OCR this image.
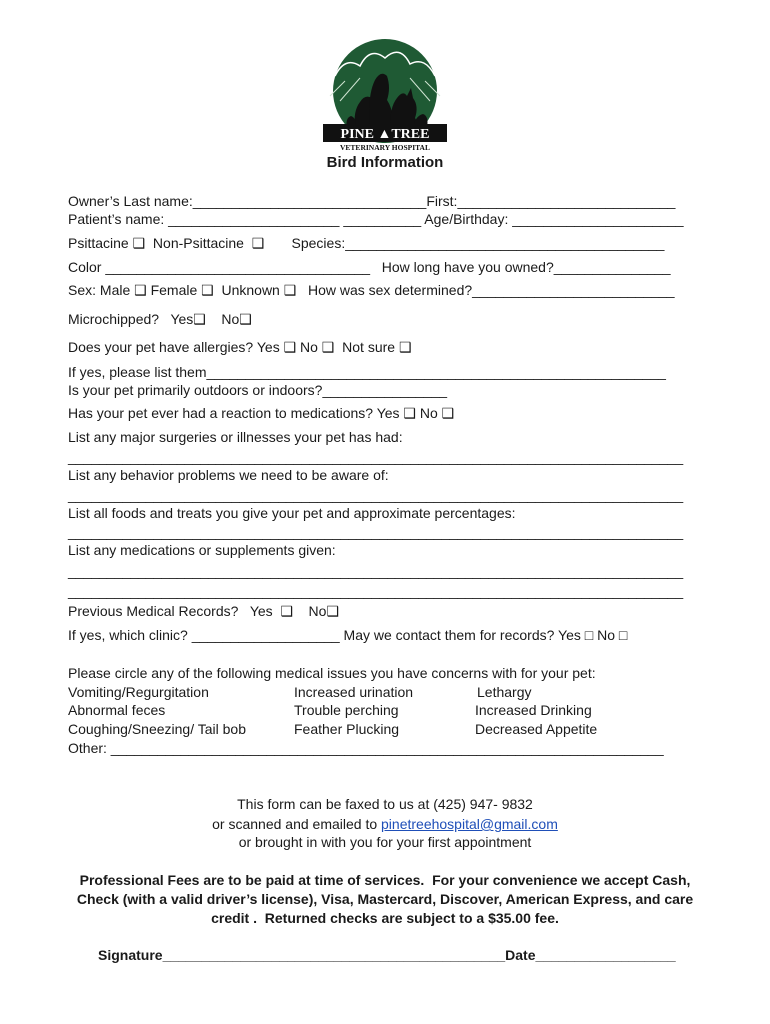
PINE ▲TREE
VETERINARY HOSPITAL
Bird Information
Owner’s Last name:______________________________First:____________________________
Patient’s name: ______________________ __________ Age/Birthday: ______________________
Psittacine ❑  Non-Psittacine  ❑       Species:_________________________________________
Color __________________________________   How long have you owned?_______________
Sex: Male ❑ Female ❑  Unknown ❑   How was sex determined?__________________________
Microchipped?   Yes❑    No❑
Does your pet have allergies? Yes ❑ No ❑  Not sure ❑
If yes, please list them___________________________________________________________
Is your pet primarily outdoors or indoors?________________
Has your pet ever had a reaction to medications? Yes ❑ No ❑
List any major surgeries or illnesses your pet has had:
_______________________________________________________________________________
List any behavior problems we need to be aware of:
_______________________________________________________________________________
List all foods and treats you give your pet and approximate percentages:
_______________________________________________________________________________
List any medications or supplements given:
_______________________________________________________________________________
_______________________________________________________________________________
Previous Medical Records?   Yes  ❑    No❑
If yes, which clinic? ___________________ May we contact them for records? Yes □ No □
Please circle any of the following medical issues you have concerns with for your pet:
Vomiting/Regurgitation
Abnormal feces
Coughing/Sneezing/ Tail bob
Increased urination
Trouble perching
Feather Plucking
Lethargy
Increased Drinking
Decreased Appetite
Other: _______________________________________________________________________
This form can be faxed to us at (425) 947- 9832
or scanned and emailed to pinetreehospital@gmail.com
or brought in with you for your first appointment
Professional Fees are to be paid at time of services.  For your convenience we accept Cash,
Check (with a valid driver’s license), Visa, Mastercard, Discover, American Express, and care
credit .  Returned checks are subject to a $35.00 fee.
Signature____________________________________________Date__________________
